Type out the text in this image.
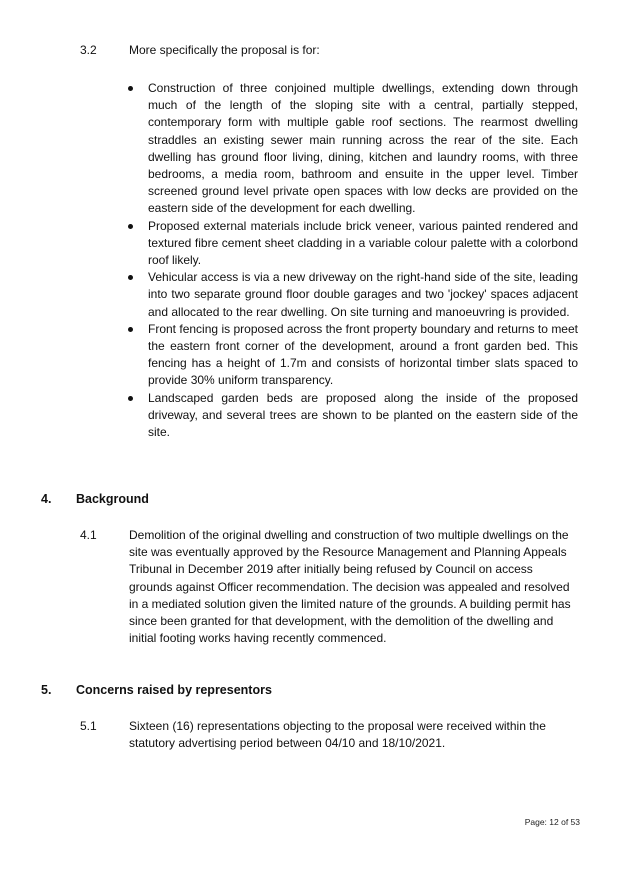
3.2	More specifically the proposal is for:
Construction of three conjoined multiple dwellings, extending down through much of the length of the sloping site with a central, partially stepped, contemporary form with multiple gable roof sections. The rearmost dwelling straddles an existing sewer main running across the rear of the site. Each dwelling has ground floor living, dining, kitchen and laundry rooms, with three bedrooms, a media room, bathroom and ensuite in the upper level. Timber screened ground level private open spaces with low decks are provided on the eastern side of the development for each dwelling.
Proposed external materials include brick veneer, various painted rendered and textured fibre cement sheet cladding in a variable colour palette with a colorbond roof likely.
Vehicular access is via a new driveway on the right-hand side of the site, leading into two separate ground floor double garages and two 'jockey' spaces adjacent and allocated to the rear dwelling. On site turning and manoeuvring is provided.
Front fencing is proposed across the front property boundary and returns to meet the eastern front corner of the development, around a front garden bed. This fencing has a height of 1.7m and consists of horizontal timber slats spaced to provide 30% uniform transparency.
Landscaped garden beds are proposed along the inside of the proposed driveway, and several trees are shown to be planted on the eastern side of the site.
4. Background
4.1	Demolition of the original dwelling and construction of two multiple dwellings on the site was eventually approved by the Resource Management and Planning Appeals Tribunal in December 2019 after initially being refused by Council on access grounds against Officer recommendation. The decision was appealed and resolved in a mediated solution given the limited nature of the grounds. A building permit has since been granted for that development, with the demolition of the dwelling and initial footing works having recently commenced.
5. Concerns raised by representors
5.1	Sixteen (16) representations objecting to the proposal were received within the statutory advertising period between 04/10 and 18/10/2021.
Page: 12 of 53
